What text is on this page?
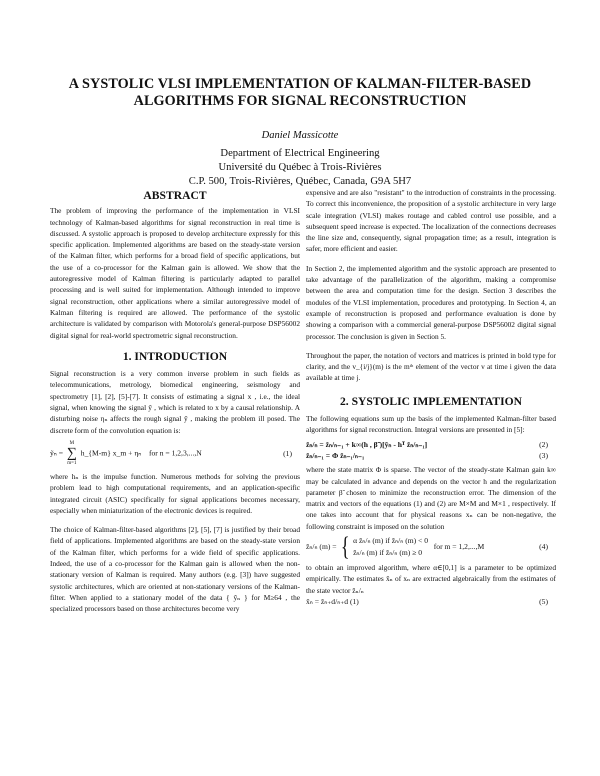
A SYSTOLIC VLSI IMPLEMENTATION OF KALMAN-FILTER-BASED
ALGORITHMS FOR SIGNAL RECONSTRUCTION
Daniel Massicotte
Department of Electrical Engineering
Université du Québec à Trois-Rivières
C.P. 500, Trois-Rivières, Québec, Canada, G9A 5H7
ABSTRACT

The problem of improving the performance of the implementation in VLSI technology of Kalman-based algorithms for signal reconstruction in real time is discussed. A systolic approach is proposed to develop architecture expressly for this specific application. Implemented algorithms are based on the steady-state version of the Kalman filter, which performs for a broad field of specific applications, but the use of a co-processor for the Kalman gain is allowed. We show that the autoregressive model of Kalman filtering is particularly adapted to parallel processing and is well suited for implementation. Although intended to improve signal reconstruction, other applications where a similar autoregressive model of Kalman filtering is required are allowed. The performance of the systolic architecture is validated by comparison with Motorola's general-purpose DSP56002 digital signal for real-world spectrometric signal reconstruction.

1. INTRODUCTION

Signal reconstruction is a very common inverse problem in such fields as telecommunications, metrology, biomedical engineering, seismology and spectrometry [1], [2], [5]-[7]. It consists of estimating a signal x , i.e., the ideal signal, when knowing the signal ỹ , which is related to x by a causal relationship. A disturbing noise ηₙ affects the rough signal ỹ , making the problem ill posed. The discrete form of the convolution equation is:

ỹₙ =
M
∑
m=1
h_{M-m} x_m + ηₙ for n = 1,2,3,...,N	(1)

where hₙ is the impulse function. Numerous methods for solving the previous problem lead to high computational requirements, and an application-specific integrated circuit (ASIC) specifically for signal applications becomes necessary, especially when miniaturization of the electronic devices is required.

The choice of Kalman-filter-based algorithms [2], [5], [7] is justified by their broad field of applications. Implemented algorithms are based on the steady-state version of the Kalman filter, which performs for a wide field of specific applications. Indeed, the use of a co-processor for the Kalman gain is allowed when the non-stationary version of Kalman is required. Many authors (e.g. [3]) have suggested systolic architectures, which are oriented at non-stationary versions of the Kalman-filter. When applied to a stationary model of the data { ỹₙ } for M≥64 , the specialized processors based on those architectures become very

expensive and are also "resistant" to the introduction of constraints in the processing. To correct this inconvenience, the proposition of a systolic architecture in very large scale integration (VLSI) makes routage and cabled control use possible, and a subsequent speed increase is expected. The localization of the connections decreases the line size and, consequently, signal propagation time; as a result, integration is safer, more efficient and easier.

In Section 2, the implemented algorithm and the systolic approach are presented to take advantage of the parallelization of the algorithm, making a compromise between the area and computation time for the design. Section 3 describes the modules of the VLSI implementation, procedures and prototyping. In Section 4, an example of reconstruction is proposed and performance evaluation is done by showing a comparison with a commercial general-purpose DSP56002 digital signal processor. The conclusion is given in Section 5.

Throughout the paper, the notation of vectors and matrices is printed in bold type for clarity, and the v_{i/j}(m) is the mᵗʰ element of the vector v at time i given the data available at time j.

2. SYSTOLIC IMPLEMENTATION

The following equations sum up the basis of the implemented Kalman-filter based algorithms for signal reconstruction. Integral versions are presented in [5]:

ẑₙ/ₙ = ẑₙ/ₙ₋₁ + k∞(h , β̃ )[ỹₙ - hᵀ ẑₙ/ₙ₋₁]	(2)
ẑₙ/ₙ₋₁ = Φ ẑₙ₋₁/ₙ₋₁	(3)

where the state matrix Φ is sparse. The vector of the steady-state Kalman gain k∞ may be calculated in advance and depends on the vector h and the regularization parameter β̃ chosen to minimize the reconstruction error. The dimension of the matrix and vectors of the equations (1) and (2) are M×M and M×1 , respectively. If one takes into account that for physical reasons xₙ can be non-negative, the following constraint is imposed on the solution

ẑₙ/ₙ (m) = { α ẑₙ/ₙ (m) if ẑₙ/ₙ (m) < 0
ẑₙ/ₙ (m) if ẑₙ/ₙ (m) ≥ 0

for m = 1,2,...,M	(4)

to obtain an improved algorithm, where α∈[0,1] is a parameter to be optimized empirically. The estimates x̂ₙ of xₙ are extracted algebraically from the estimates of the state vector ẑₙ/ₙ

x̂ₙ = ẑₙ₊d/ₙ₊d (1)	(5)
